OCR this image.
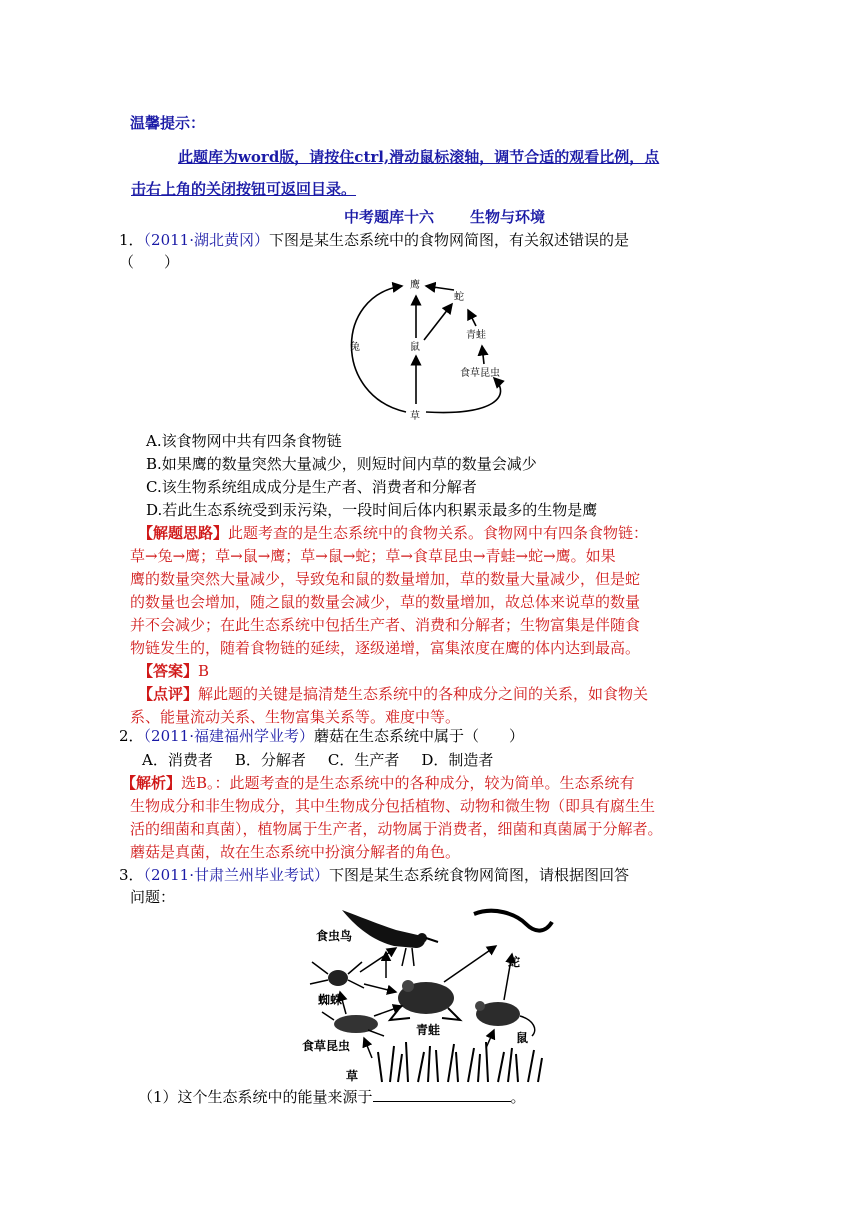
温馨提示：
此题库为word版，请按住ctrl,滑动鼠标滚轴，调节合适的观看比例，点
击右上角的关闭按钮可返回目录。
中考题库十六 生物与环境
1．（2011·湖北黄冈）下图是某生态系统中的食物网简图，有关叙述错误的是
（　　）
鹰
蛇
青蛙
兔	鼠
食草昆虫
草
A.该食物网中共有四条食物链
B.如果鹰的数量突然大量减少，则短时间内草的数量会减少
C.该生物系统组成成分是生产者、消费者和分解者
D.若此生态系统受到汞污染，一段时间后体内积累汞最多的生物是鹰
【解题思路】此题考查的是生态系统中的食物关系。食物网中有四条食物链：
草→兔→鹰；草→鼠→鹰；草→鼠→蛇；草→食草昆虫→青蛙→蛇→鹰。如果
鹰的数量突然大量减少，导致兔和鼠的数量增加，草的数量大量减少，但是蛇
的数量也会增加，随之鼠的数量会减少，草的数量增加，故总体来说草的数量
并不会减少；在此生态系统中包括生产者、消费和分解者；生物富集是伴随食
物链发生的，随着食物链的延续，逐级递增，富集浓度在鹰的体内达到最高。
【答案】B
【点评】解此题的关键是搞清楚生态系统中的各种成分之间的关系，如食物关
系、能量流动关系、生物富集关系等。难度中等。
2．（2011·福建福州学业考）蘑菇在生态系统中属于（　　）
A．消费者 B．分解者 C．生产者 D．制造者
【解析】选B。：此题考查的是生态系统中的各种成分，较为简单。生态系统有
生物成分和非生物成分，其中生物成分包括植物、动物和微生物（即具有腐生生
活的细菌和真菌），植物属于生产者，动物属于消费者，细菌和真菌属于分解者。
蘑菇是真菌，故在生态系统中扮演分解者的角色。
3．（2011·甘肃兰州毕业考试）下图是某生态系统食物网简图，请根据图回答
问题：
食虫鸟
蛇
蜘蛛
青蛙
食草昆虫
鼠
草
（1）这个生态系统中的能量来源于	。
